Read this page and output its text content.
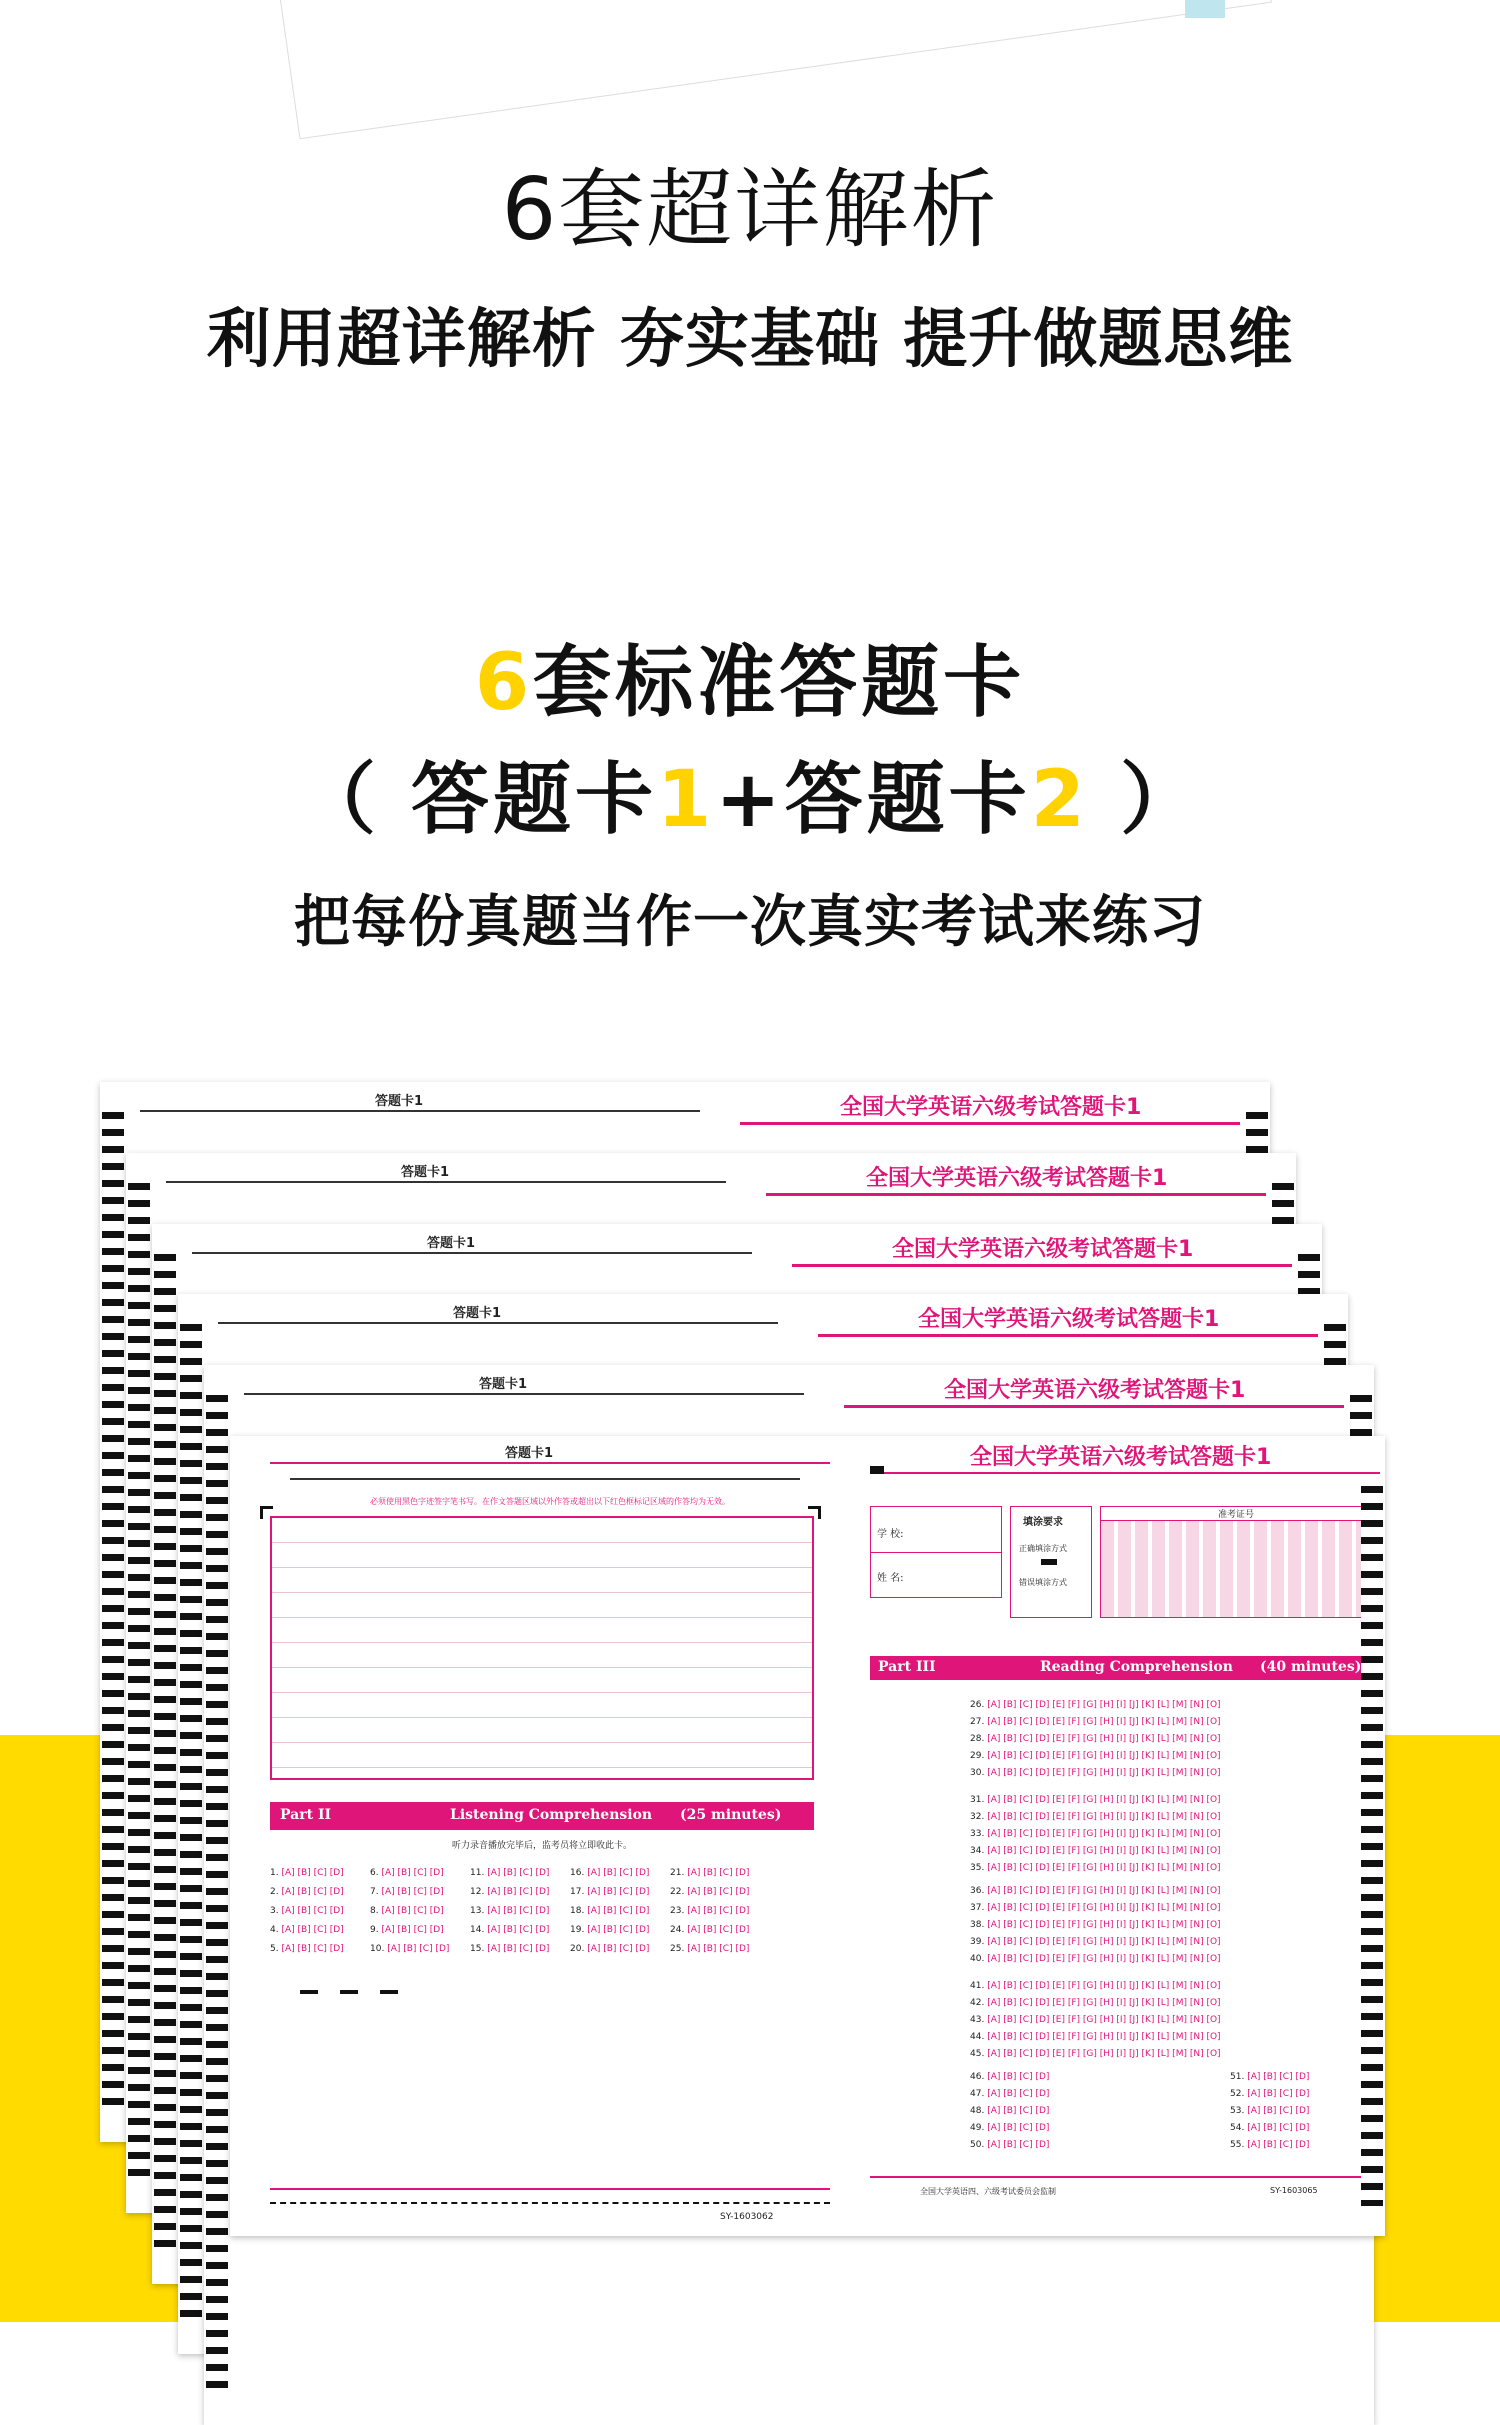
6套超详解析
利用超详解析 夯实基础 提升做题思维
6套标准答题卡
（ 答题卡1+答题卡2 ）
把每份真题当作一次真实考试来练习
答题卡1	全国大学英语六级考试答题卡1
答题卡1	全国大学英语六级考试答题卡1
答题卡1	全国大学英语六级考试答题卡1
答题卡1	全国大学英语六级考试答题卡1
答题卡1	全国大学英语六级考试答题卡1
答题卡1
必须使用黑色字迹签字笔书写。在作文答题区域以外作答或超出以下红色框标记区域的作答均为无效。
Part II	Listening Comprehension (25 minutes)
听力录音播放完毕后，监考员将立即收此卡。
1. [A] [B] [C] [D]	6. [A] [B] [C] [D]	11. [A] [B] [C] [D]	16. [A] [B] [C] [D]	21. [A] [B] [C] [D]
2. [A] [B] [C] [D]	7. [A] [B] [C] [D]	12. [A] [B] [C] [D]	17. [A] [B] [C] [D]	22. [A] [B] [C] [D]
3. [A] [B] [C] [D]	8. [A] [B] [C] [D]	13. [A] [B] [C] [D]	18. [A] [B] [C] [D]	23. [A] [B] [C] [D]
4. [A] [B] [C] [D]	9. [A] [B] [C] [D]	14. [A] [B] [C] [D]	19. [A] [B] [C] [D]	24. [A] [B] [C] [D]
5. [A] [B] [C] [D]	10. [A] [B] [C] [D]	15. [A] [B] [C] [D]	20. [A] [B] [C] [D]	25. [A] [B] [C] [D]
SY-1603062
全国大学英语六级考试答题卡1
学 校:
姓 名:
填涂要求
正确填涂方式
错误填涂方式
准考证号
Part III	Reading Comprehension (40 minutes)
26. [A] [B] [C] [D] [E] [F] [G] [H] [I] [J] [K] [L] [M] [N] [O]
27. [A] [B] [C] [D] [E] [F] [G] [H] [I] [J] [K] [L] [M] [N] [O]
28. [A] [B] [C] [D] [E] [F] [G] [H] [I] [J] [K] [L] [M] [N] [O]
29. [A] [B] [C] [D] [E] [F] [G] [H] [I] [J] [K] [L] [M] [N] [O]
30. [A] [B] [C] [D] [E] [F] [G] [H] [I] [J] [K] [L] [M] [N] [O]
31. [A] [B] [C] [D] [E] [F] [G] [H] [I] [J] [K] [L] [M] [N] [O]
32. [A] [B] [C] [D] [E] [F] [G] [H] [I] [J] [K] [L] [M] [N] [O]
33. [A] [B] [C] [D] [E] [F] [G] [H] [I] [J] [K] [L] [M] [N] [O]
34. [A] [B] [C] [D] [E] [F] [G] [H] [I] [J] [K] [L] [M] [N] [O]
35. [A] [B] [C] [D] [E] [F] [G] [H] [I] [J] [K] [L] [M] [N] [O]
36. [A] [B] [C] [D] [E] [F] [G] [H] [I] [J] [K] [L] [M] [N] [O]
37. [A] [B] [C] [D] [E] [F] [G] [H] [I] [J] [K] [L] [M] [N] [O]
38. [A] [B] [C] [D] [E] [F] [G] [H] [I] [J] [K] [L] [M] [N] [O]
39. [A] [B] [C] [D] [E] [F] [G] [H] [I] [J] [K] [L] [M] [N] [O]
40. [A] [B] [C] [D] [E] [F] [G] [H] [I] [J] [K] [L] [M] [N] [O]
41. [A] [B] [C] [D] [E] [F] [G] [H] [I] [J] [K] [L] [M] [N] [O]
42. [A] [B] [C] [D] [E] [F] [G] [H] [I] [J] [K] [L] [M] [N] [O]
43. [A] [B] [C] [D] [E] [F] [G] [H] [I] [J] [K] [L] [M] [N] [O]
44. [A] [B] [C] [D] [E] [F] [G] [H] [I] [J] [K] [L] [M] [N] [O]
45. [A] [B] [C] [D] [E] [F] [G] [H] [I] [J] [K] [L] [M] [N] [O]
46. [A] [B] [C] [D]
47. [A] [B] [C] [D]
48. [A] [B] [C] [D]
49. [A] [B] [C] [D]
50. [A] [B] [C] [D]
51. [A] [B] [C] [D]
52. [A] [B] [C] [D]
53. [A] [B] [C] [D]
54. [A] [B] [C] [D]
55. [A] [B] [C] [D]
全国大学英语四、六级考试委员会监制	SY-1603065
